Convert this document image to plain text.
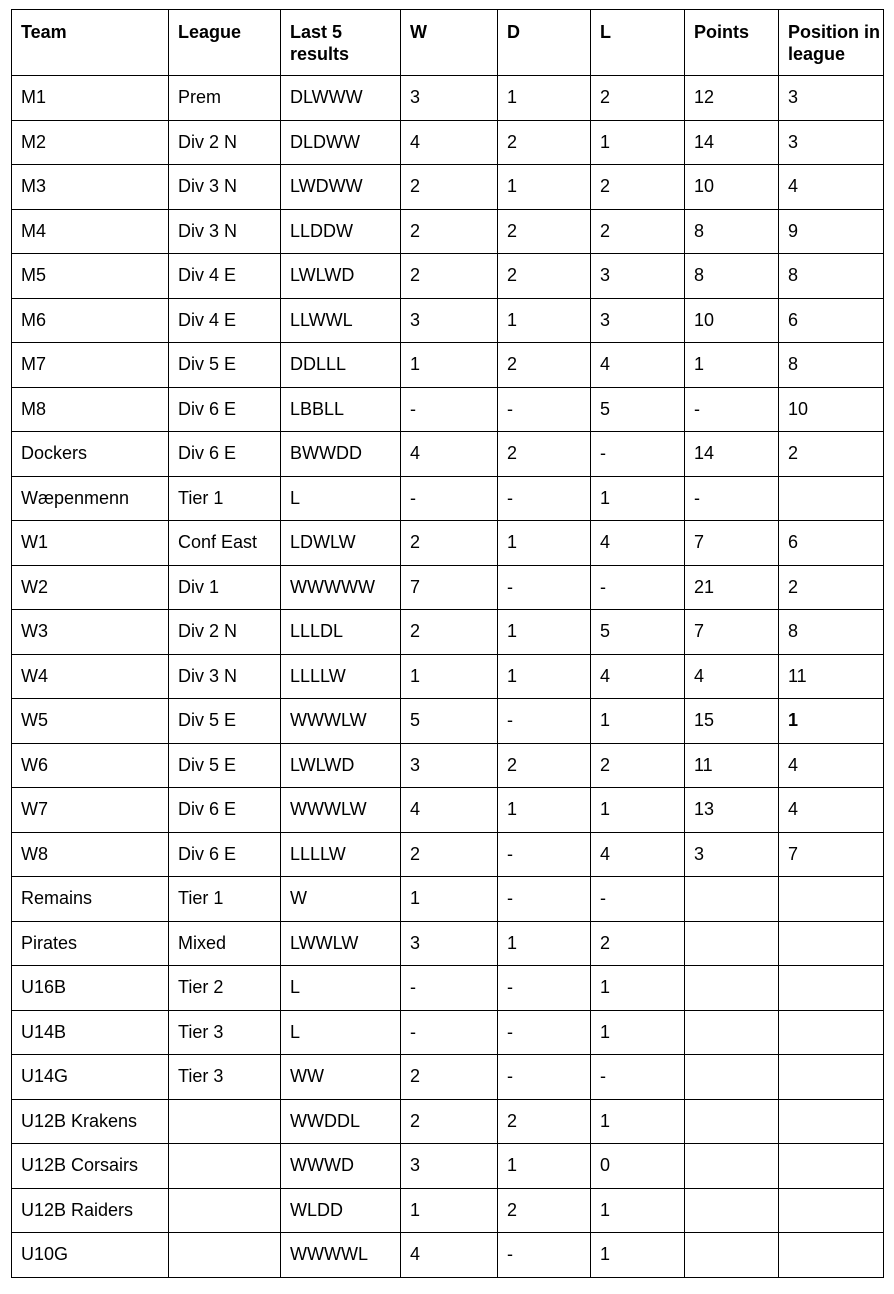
Team	League	Last 5 results	W	D	L	Points	Position in league
M1	Prem	DLWWW	3	1	2	12	3
M2	Div 2 N	DLDWW	4	2	1	14	3
M3	Div 3 N	LWDWW	2	1	2	10	4
M4	Div 3 N	LLDDW	2	2	2	8	9
M5	Div 4 E	LWLWD	2	2	3	8	8
M6	Div 4 E	LLWWL	3	1	3	10	6
M7	Div 5 E	DDLLL	1	2	4	1	8
M8	Div 6 E	LBBLL	-	-	5	-	10
Dockers	Div 6 E	BWWDD	4	2	-	14	2
Wæpenmenn	Tier 1	L	-	-	1	-	
W1	Conf East	LDWLW	2	1	4	7	6
W2	Div 1	WWWWW	7	-	-	21	2
W3	Div 2 N	LLLDL	2	1	5	7	8
W4	Div 3 N	LLLLW	1	1	4	4	11
W5	Div 5 E	WWWLW	5	-	1	15	1
W6	Div 5 E	LWLWD	3	2	2	11	4
W7	Div 6 E	WWWLW	4	1	1	13	4
W8	Div 6 E	LLLLW	2	-	4	3	7
Remains	Tier 1	W	1	-	-		
Pirates	Mixed	LWWLW	3	1	2		
U16B	Tier 2	L	-	-	1		
U14B	Tier 3	L	-	-	1		
U14G	Tier 3	WW	2	-	-		
U12B Krakens		WWDDL	2	2	1		
U12B Corsairs		WWWD	3	1	0		
U12B Raiders		WLDD	1	2	1		
U10G		WWWWL	4	-	1		
